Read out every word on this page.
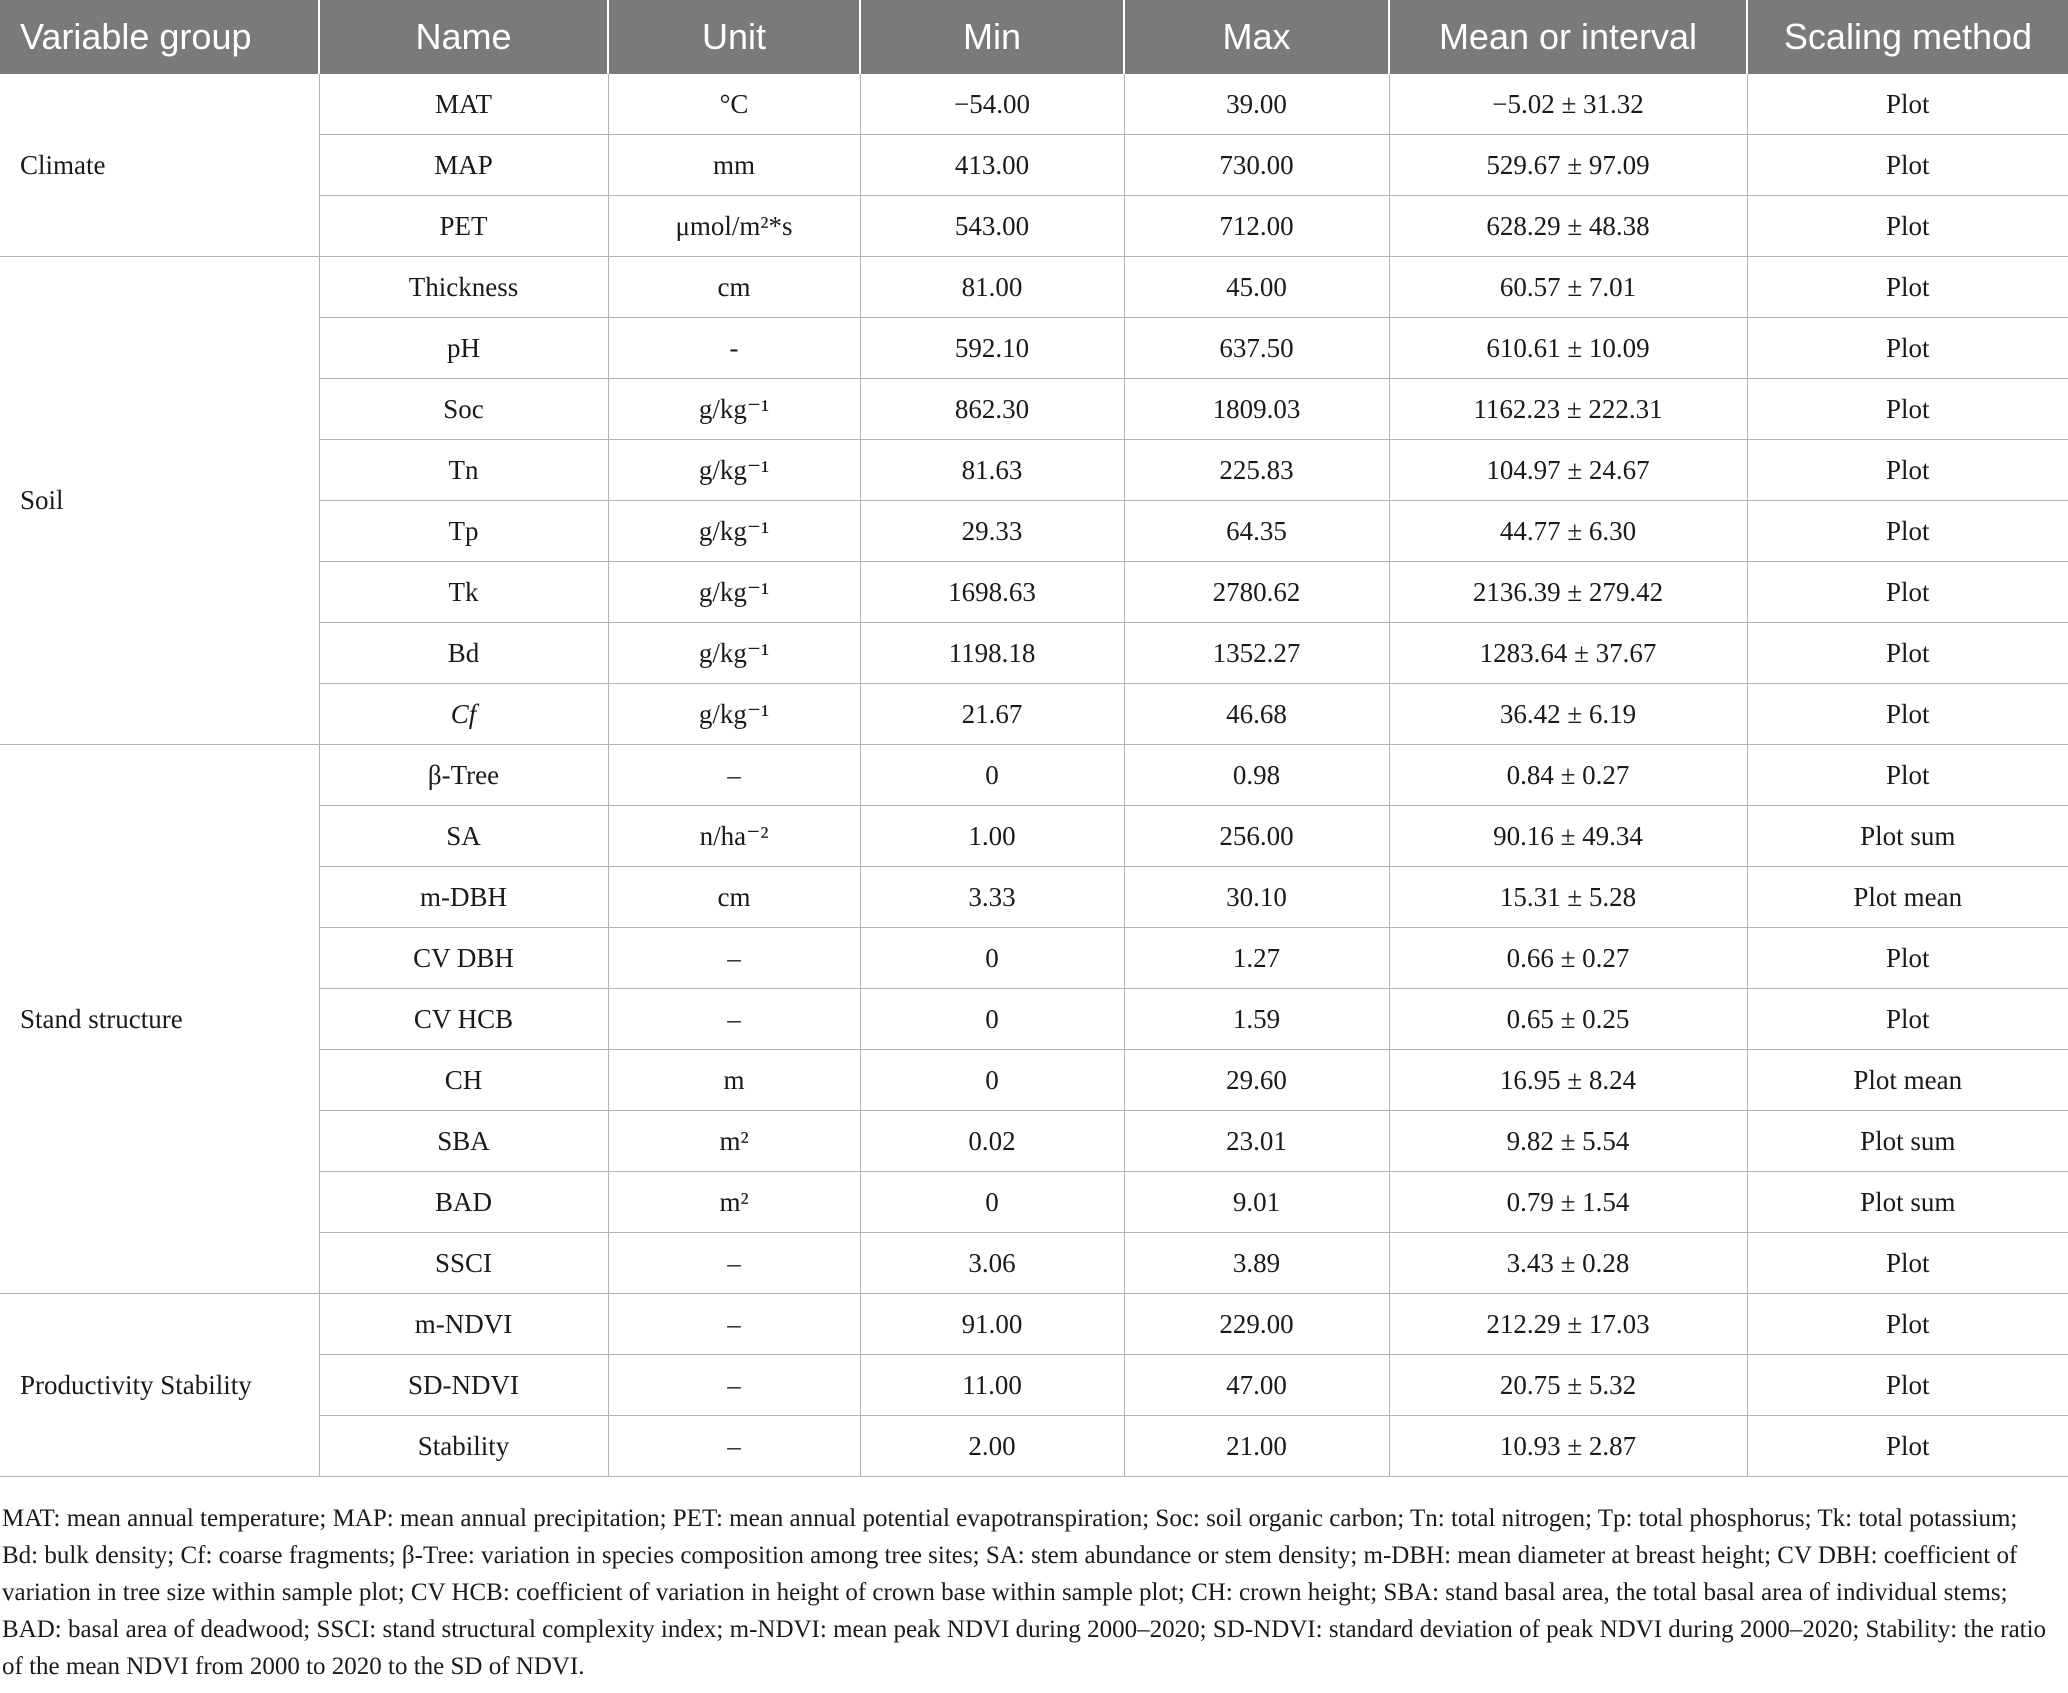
Variable group	Name	Unit	Min	Max	Mean or interval	Scaling method
Climate	MAT	°C	−54.00	39.00	−5.02 ± 31.32	Plot
	MAP	mm	413.00	730.00	529.67 ± 97.09	Plot
	PET	μmol/m²*s	543.00	712.00	628.29 ± 48.38	Plot
Soil	Thickness	cm	81.00	45.00	60.57 ± 7.01	Plot
	pH	-	592.10	637.50	610.61 ± 10.09	Plot
	Soc	g/kg⁻¹	862.30	1809.03	1162.23 ± 222.31	Plot
	Tn	g/kg⁻¹	81.63	225.83	104.97 ± 24.67	Plot
	Tp	g/kg⁻¹	29.33	64.35	44.77 ± 6.30	Plot
	Tk	g/kg⁻¹	1698.63	2780.62	2136.39 ± 279.42	Plot
	Bd	g/kg⁻¹	1198.18	1352.27	1283.64 ± 37.67	Plot
	Cf	g/kg⁻¹	21.67	46.68	36.42 ± 6.19	Plot
Stand structure	β-Tree	–	0	0.98	0.84 ± 0.27	Plot
	SA	n/ha⁻²	1.00	256.00	90.16 ± 49.34	Plot sum
	m-DBH	cm	3.33	30.10	15.31 ± 5.28	Plot mean
	CV DBH	–	0	1.27	0.66 ± 0.27	Plot
	CV HCB	–	0	1.59	0.65 ± 0.25	Plot
	CH	m	0	29.60	16.95 ± 8.24	Plot mean
	SBA	m²	0.02	23.01	9.82 ± 5.54	Plot sum
	BAD	m²	0	9.01	0.79 ± 1.54	Plot sum
	SSCI	–	3.06	3.89	3.43 ± 0.28	Plot
Productivity Stability	m-NDVI	–	91.00	229.00	212.29 ± 17.03	Plot
	SD-NDVI	–	11.00	47.00	20.75 ± 5.32	Plot
	Stability	–	2.00	21.00	10.93 ± 2.87	Plot
MAT: mean annual temperature; MAP: mean annual precipitation; PET: mean annual potential evapotranspiration; Soc: soil organic carbon; Tn: total nitrogen; Tp: total phosphorus; Tk: total potassium; Bd: bulk density; Cf: coarse fragments; β-Tree: variation in species composition among tree sites; SA: stem abundance or stem density; m-DBH: mean diameter at breast height; CV DBH: coefficient of variation in tree size within sample plot; CV HCB: coefficient of variation in height of crown base within sample plot; CH: crown height; SBA: stand basal area, the total basal area of individual stems; BAD: basal area of deadwood; SSCI: stand structural complexity index; m-NDVI: mean peak NDVI during 2000–2020; SD-NDVI: standard deviation of peak NDVI during 2000–2020; Stability: the ratio of the mean NDVI from 2000 to 2020 to the SD of NDVI.
